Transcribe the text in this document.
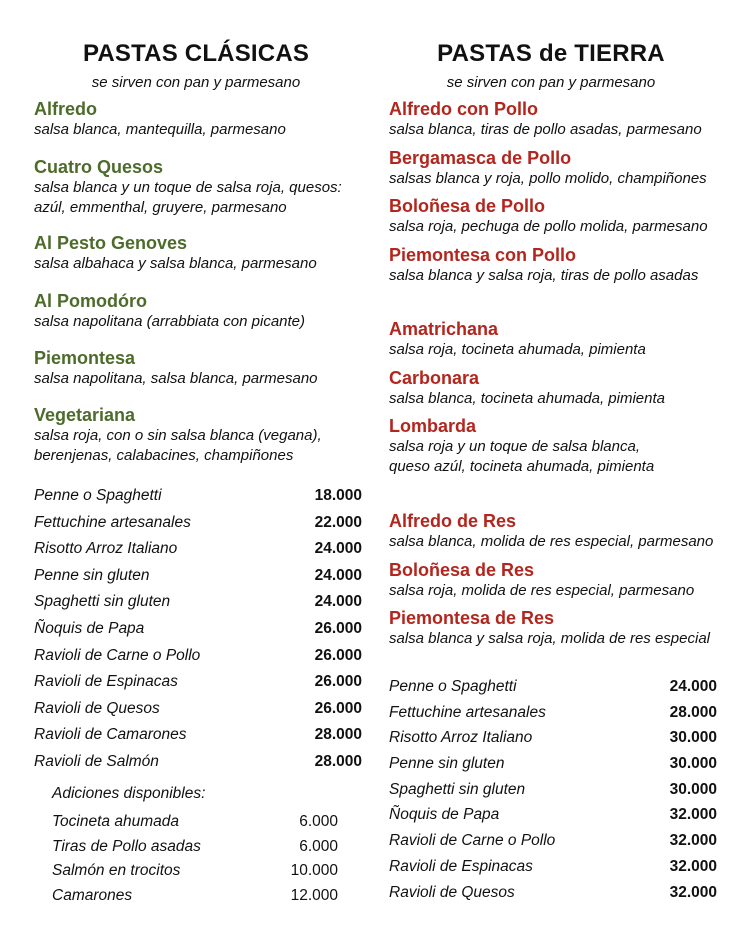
PASTAS CLÁSICAS
se sirven con pan y parmesano
Alfredo
salsa blanca, mantequilla, parmesano
Cuatro Quesos
salsa blanca y un toque de salsa roja, quesos:
azúl, emmenthal, gruyere, parmesano
Al Pesto Genoves
salsa albahaca y salsa blanca, parmesano
Al Pomodóro
salsa napolitana (arrabbiata con picante)
Piemontesa
salsa napolitana, salsa blanca, parmesano
Vegetariana
salsa roja, con o sin salsa blanca (vegana),
berenjenas, calabacines, champiñones
Penne o Spaghetti	18.000
Fettuchine artesanales	22.000
Risotto Arroz Italiano	24.000
Penne sin gluten	24.000
Spaghetti sin gluten	24.000
Ñoquis de Papa	26.000
Ravioli de Carne o Pollo	26.000
Ravioli de Espinacas	26.000
Ravioli de Quesos	26.000
Ravioli de Camarones	28.000
Ravioli de Salmón	28.000
Adiciones disponibles:
Tocineta ahumada	6.000
Tiras de Pollo asadas	6.000
Salmón en trocitos	10.000
Camarones	12.000
PASTAS de TIERRA
se sirven con pan y parmesano
Alfredo con Pollo
salsa blanca, tiras de pollo asadas, parmesano
Bergamasca de Pollo
salsas blanca y roja, pollo molido, champiñones
Boloñesa de Pollo
salsa roja, pechuga de pollo molida, parmesano
Piemontesa con Pollo
salsa blanca y salsa roja, tiras de pollo asadas
Amatrichana
salsa roja, tocineta ahumada, pimienta
Carbonara
salsa blanca, tocineta ahumada, pimienta
Lombarda
salsa roja y un toque de salsa blanca,
queso azúl, tocineta ahumada, pimienta
Alfredo de Res
salsa blanca, molida de res especial, parmesano
Boloñesa de Res
salsa roja, molida de res especial, parmesano
Piemontesa de Res
salsa blanca y salsa roja, molida de res especial
Penne o Spaghetti	24.000
Fettuchine artesanales	28.000
Risotto Arroz Italiano	30.000
Penne sin gluten	30.000
Spaghetti sin gluten	30.000
Ñoquis de Papa	32.000
Ravioli de Carne o Pollo	32.000
Ravioli de Espinacas	32.000
Ravioli de Quesos	32.000
